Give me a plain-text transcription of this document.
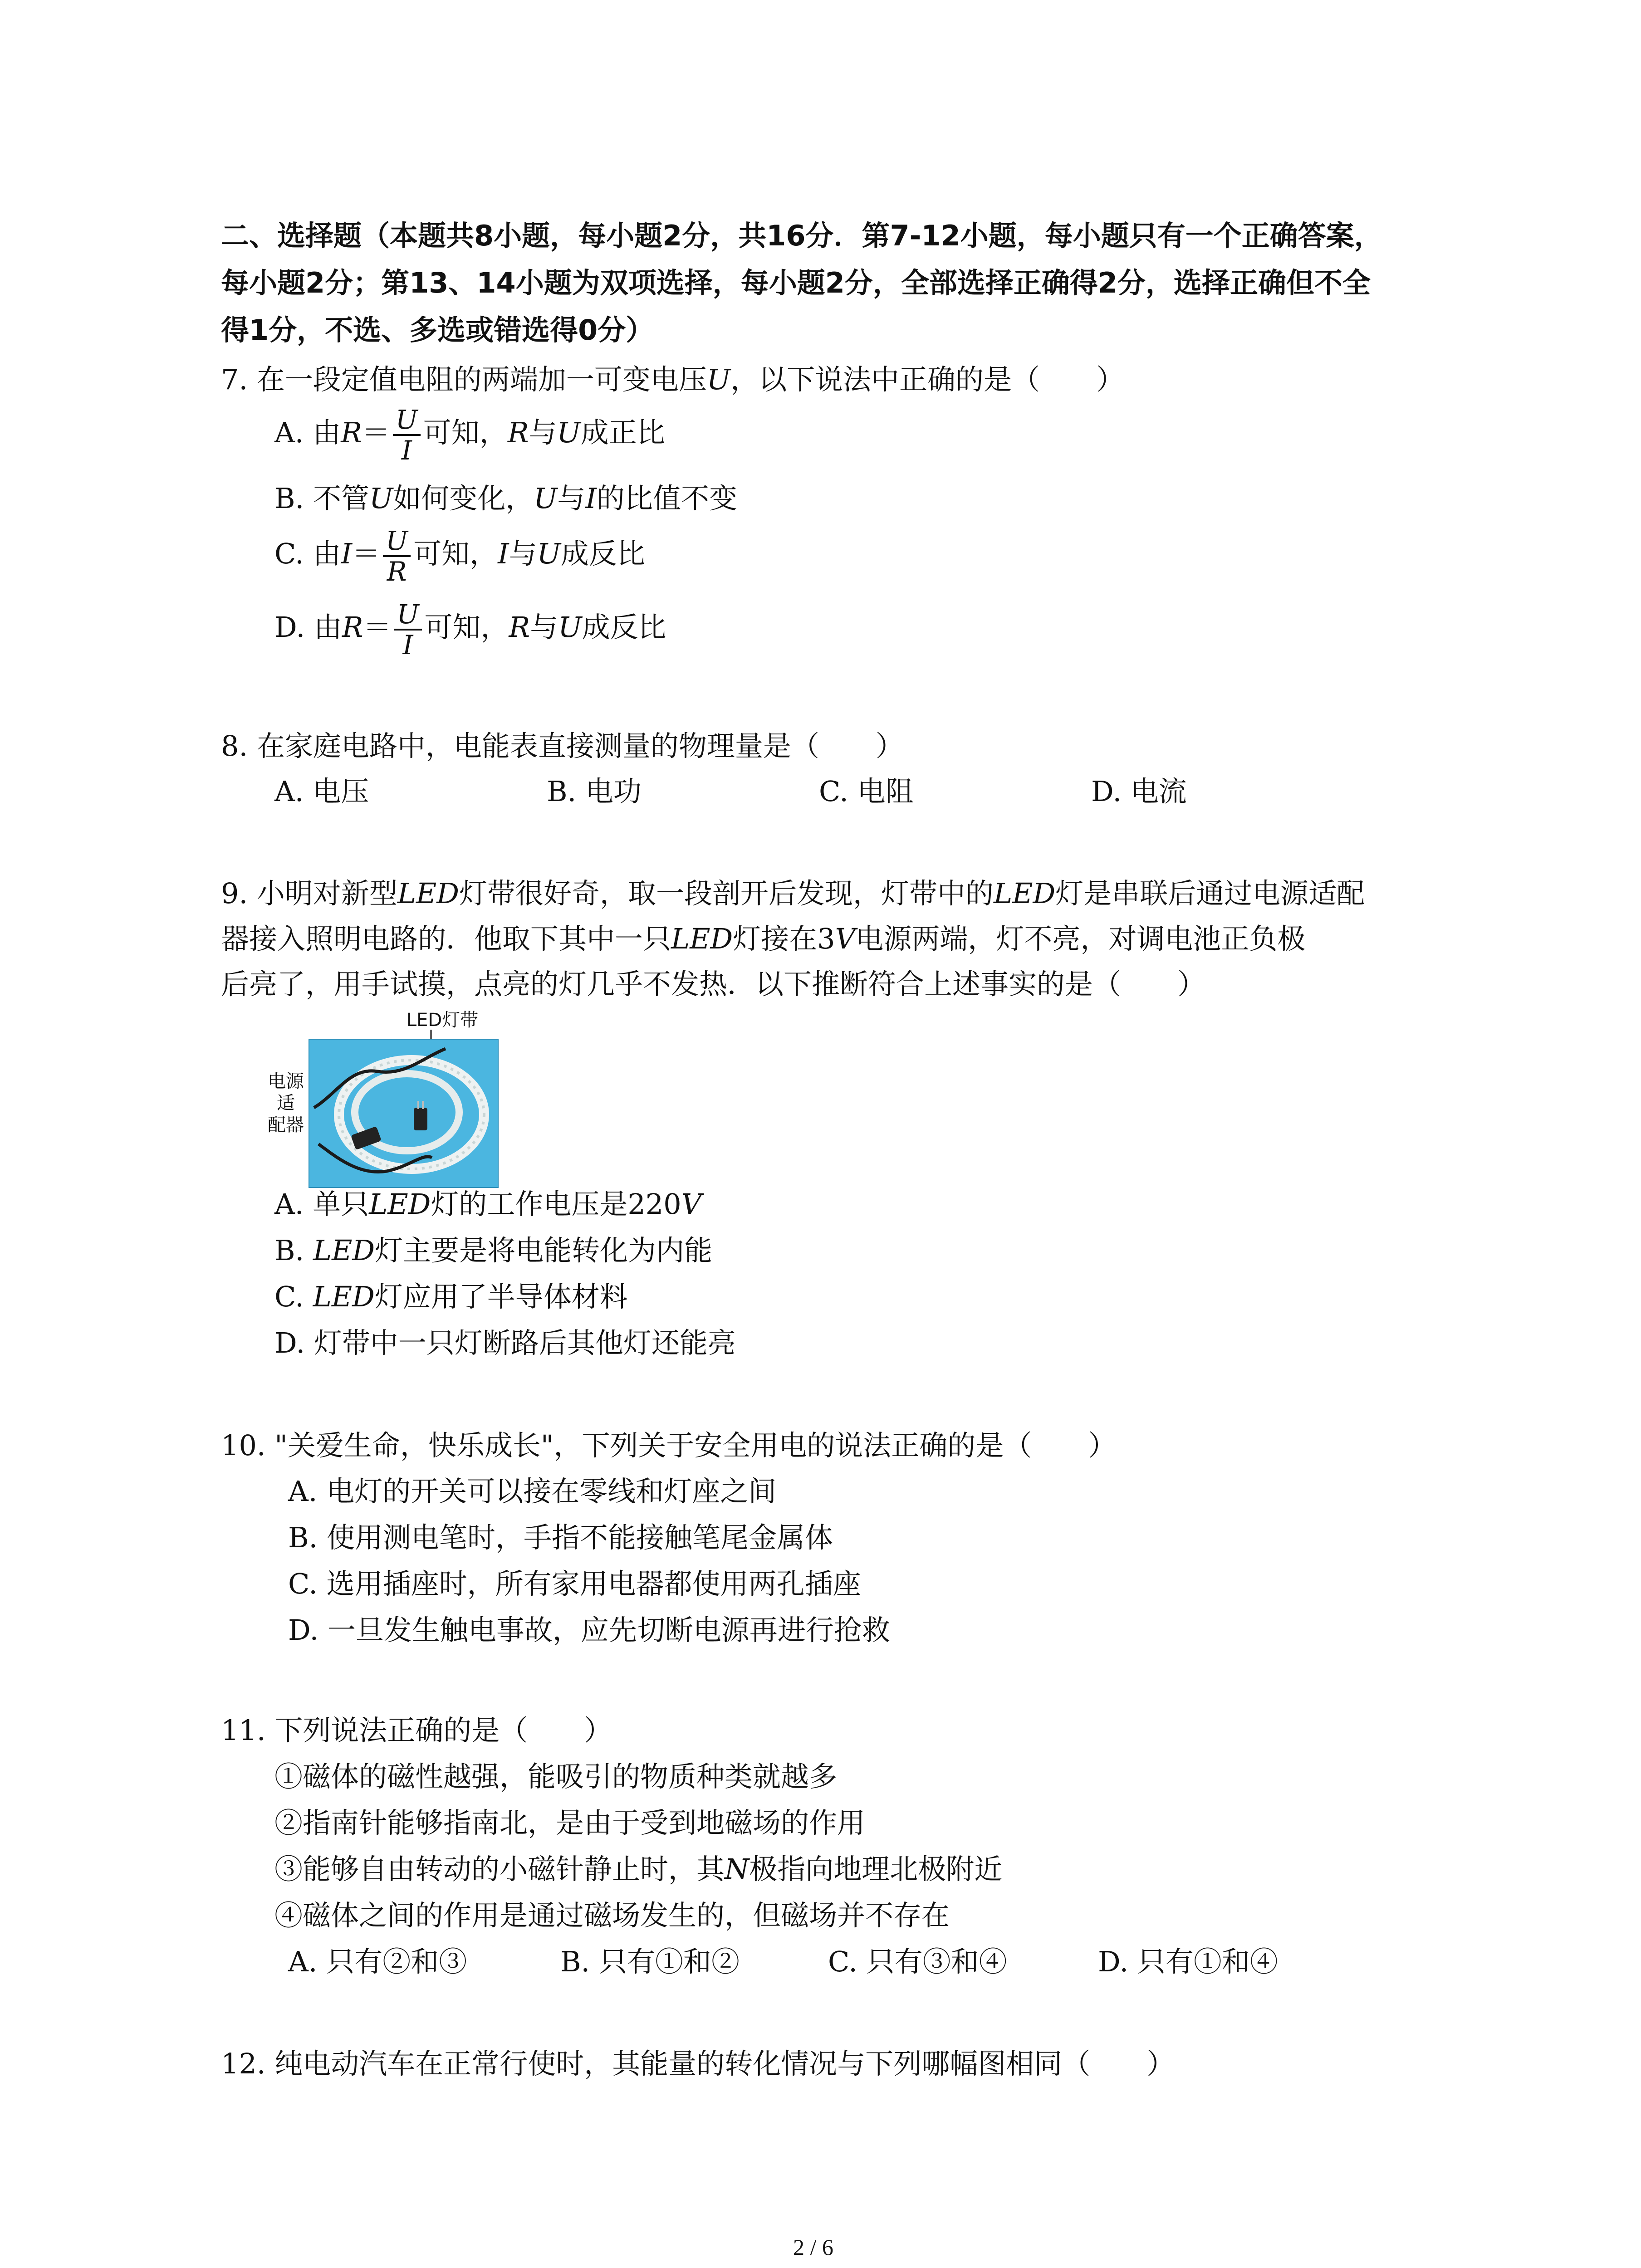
二、选择题（本题共8小题，每小题2分，共16分．第7-12小题，每小题只有一个正确答案，
每小题2分；第13、14小题为双项选择，每小题2分，全部选择正确得2分，选择正确但不全
得1分，不选、多选或错选得0分）
7. 在一段定值电阻的两端加一可变电压U，以下说法中正确的是（　　）
A. 由$R= \frac{U}{I}$ 可知，R与U成正比
B. 不管U如何变化，U与I的比值不变
C. 由$I= \frac{U}{R}$ 可知，I与U成反比
D. 由$R= \frac{U}{I}$ 可知，R与U成反比
8. 在家庭电路中，电能表直接测量的物理量是（　　）
A. 电压	B. 电功	C. 电阻	D. 电流
9. 小明对新型LED灯带很好奇，取一段剖开后发现，灯带中的LED灯是串联后通过电源适配
器接入照明电路的．他取下其中一只LED灯接在3V电源两端，灯不亮，对调电池正负极
后亮了，用手试摸，点亮的灯几乎不发热．以下推断符合上述事实的是（　　）
LED灯带
电源
适
配器
A. 单只LED灯的工作电压是220V
B. LED灯主要是将电能转化为内能
C. LED灯应用了半导体材料
D. 灯带中一只灯断路后其他灯还能亮
10. "关爱生命，快乐成长"，下列关于安全用电的说法正确的是（　　）
A. 电灯的开关可以接在零线和灯座之间
B. 使用测电笔时，手指不能接触笔尾金属体
C. 选用插座时，所有家用电器都使用两孔插座
D. 一旦发生触电事故，应先切断电源再进行抢救
11. 下列说法正确的是（　　）
①磁体的磁性越强，能吸引的物质种类就越多
②指南针能够指南北，是由于受到地磁场的作用
③能够自由转动的小磁针静止时，其N极指向地理北极附近
④磁体之间的作用是通过磁场发生的，但磁场并不存在
A. 只有②和③	B. 只有①和②	C. 只有③和④	D. 只有①和④
12. 纯电动汽车在正常行使时，其能量的转化情况与下列哪幅图相同（　　）
2 / 6
